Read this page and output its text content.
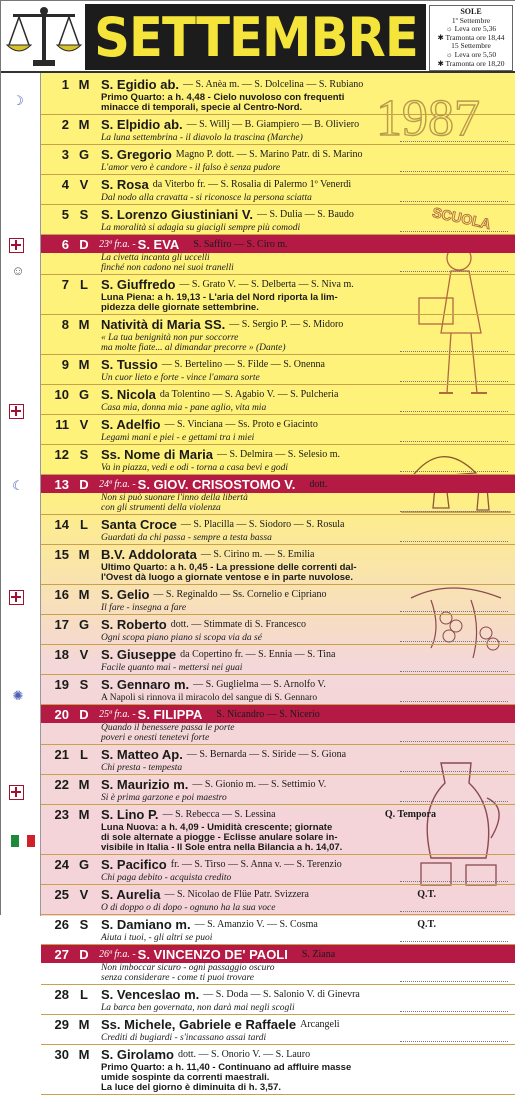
SETTEMBRE	SOLE
1º Settembre
☼ Leva ore 5,36
✱ Tramonta ore 18,44
15 Settembre
☼ Leva ore 5,50
✱ Tramonta ore 18,20
☽
☺
☾
✺
1987
SCUOLA
1 M S. Egidio ab. — S. Anèa m. — S. Dolcelina — S. Rubiano
Primo Quarto: a h. 4,48 - Cielo nuvoloso con frequenti
minacce di temporali, specie al Centro-Nord.
2 M S. Elpidio ab. — S. Willj — B. Giampiero — B. Oliviero
La luna settembrina - il diavolo la trascina (Marche)
3 G S. Gregorio Magno P. dott. — S. Marino Patr. di S. Marino
L'amor vero è candore - il falso è senza pudore
4 V S. Rosa da Viterbo fr. — S. Rosalia di Palermo 1º Venerdì
Dal nodo alla cravatta - si riconosce la persona sciatta
5 S S. Lorenzo Giustiniani V. — S. Dulia — S. Baudo
La moralità si adagia su giacigli sempre più comodi
6 D	23ª fr.a. - S. EVA S. Saffiro — S. Ciro m.
La civetta incanta gli uccelli
finché non cadono nei suoi tranelli
7 L	S. Giuffredo — S. Grato V. — S. Delberta — S. Niva m.
Luna Piena: a h. 19,13 - L'aria del Nord riporta la lim-
pidezza delle giornate settembrine.
8 M Natività di Maria SS. — S. Sergio P. — S. Midoro
« La tua benignità non pur soccorre
ma molte fiate... al dimandar precorre » (Dante)
9 M S. Tussio — S. Bertelino — S. Filde — S. Onenna
Un cuor lieto e forte - vince l'amara sorte
10 G S. Nicola da Tolentino — S. Agabio V. — S. Pulcheria
Casa mia, donna mia - pane aglio, vita mia
11 V S. Adelfio — S. Vinciana — Ss. Proto e Giacinto
Legami mani e piei - e gettami tra i miei
12 S Ss. Nome di Maria — S. Delmira — S. Selesio m.
Va in piazza, vedi e odi - torna a casa bevi e godi
13 D	24ª fr.a. - S. GIOV. CRISOSTOMO V. dott.
Non si può suonare l'inno della libertà
con gli strumenti della violenza
14 L	Santa Croce — S. Placilla — S. Siodoro — S. Rosula
Guardati da chi passa - sempre a testa bassa
15 M B.V. Addolorata — S. Cirino m. — S. Emilia
Ultimo Quarto: a h. 0,45 - La pressione delle correnti dal-
l'Ovest dà luogo a giornate ventose e in parte nuvolose.
16 M S. Gelio — S. Reginaldo — Ss. Cornelio e Cipriano
Il fare - insegna a fare
17 G S. Roberto dott. — Stimmate di S. Francesco
Ogni scopa piano piano si scopa via da sé
18 V S. Giuseppe da Copertino fr. — S. Ennia — S. Tina
Facile quanto mai - mettersi nei guai
19 S S. Gennaro m. — S. Guglielma — S. Arnolfo V.
A Napoli si rinnova il miracolo del sangue di S. Gennaro
20 D	25ª fr.a. - S. FILIPPA S. Nicandro — S. Nicerio
Quando il benessere passa le porte
poveri e onesti tenetevi forte
21 L	S. Matteo Ap. — S. Bernarda — S. Siride — S. Giona
Chi presta - tempesta
22 M S. Maurizio m. — S. Gionio m. — S. Settimio V.
Si è prima garzone e poi maestro
23 M S. Lino P. — S. Rebecca — S. Lessina	Q. Tempora
Luna Nuova: a h. 4,09 - Umidità crescente; giornate
di sole alternate a piogge - Eclisse anulare solare in-
visibile in Italia - Il Sole entra nella Bilancia a h. 14,07.
24 G S. Pacifico fr. — S. Tirso — S. Anna v. — S. Terenzio
Chi paga debito - acquista credito
25 V S. Aurelia — S. Nicolao de Flüe Patr. Svizzera	Q.T.
O di doppo o di dopo - ognuno ha la sua voce
26 S S. Damiano m. — S. Amanzio V. — S. Cosma	Q.T.
Aiuta i tuoi, - gli altri se puoi
27 D	26ª fr.a. - S. VINCENZO DE' PAOLI S. Ziana
Non imboccar sicuro - ogni passaggio oscuro
senza considerare - come ti puoi trovare
28 L	S. Venceslao m. — S. Doda — S. Salonio V. di Ginevra
La barca ben governata, non darà mai negli scogli
29 M Ss. Michele, Gabriele e Raffaele Arcangeli
Crediti di bugiardi - s'incassano assai tardi
30 M S. Girolamo dott. — S. Onorio V. — S. Lauro
Primo Quarto: a h. 11,40 - Continuano ad affluire masse
umide sospinte da correnti maestrali.
La luce del giorno è diminuita di h. 3,57.
